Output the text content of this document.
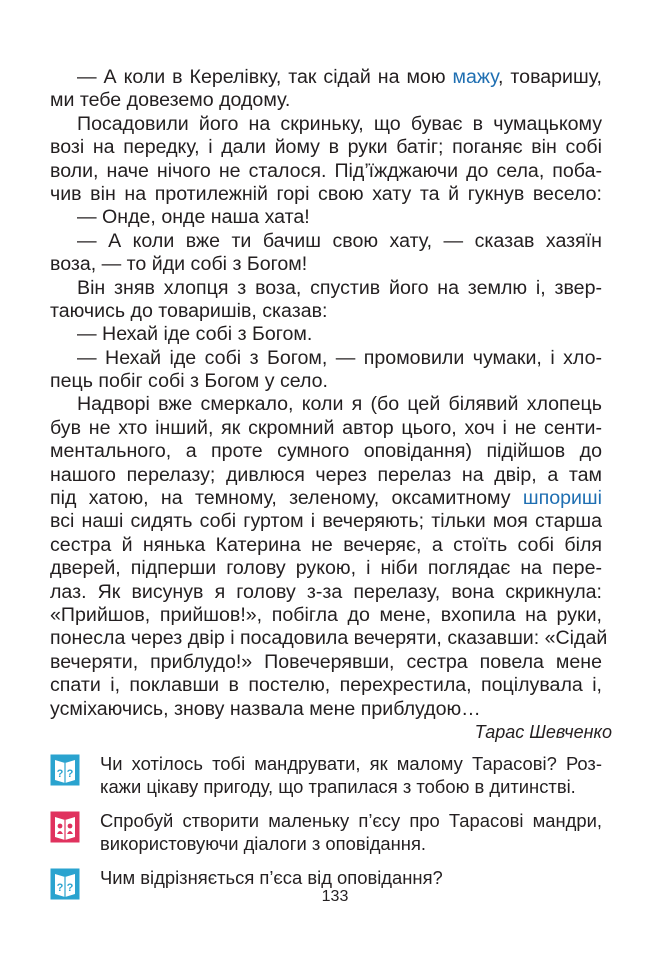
— А коли в Керелівку, так сідай на мою мажу, товаришу,
ми тебе довеземо додому.
Посадовили його на скриньку, що буває в чумацькому
возі на передку, і дали йому в руки батіг; поганяє він собі
воли, наче нічого не сталося. Під’їжджаючи до села, поба-
чив він на протилежній горі свою хату та й гукнув весело:
— Онде, онде наша хата!
— А коли вже ти бачиш свою хату, — сказав хазяїн
воза, — то йди собі з Богом!
Він зняв хлопця з воза, спустив його на землю і, звер-
таючись до товаришів, сказав:
— Нехай іде собі з Богом.
— Нехай іде собі з Богом, — промовили чумаки, і хло-
пець побіг собі з Богом у село.
Надворі вже смеркало, коли я (бо цей білявий хлопець
був не хто інший, як скромний автор цього, хоч і не сенти-
ментального, а проте сумного оповідання) підійшов до
нашого перелазу; дивлюся через перелаз на двір, а там
під хатою, на темному, зеленому, оксамитному шпориші
всі наші сидять собі гуртом і вечеряють; тільки моя старша
сестра й нянька Катерина не вечеряє, а стоїть собі біля
дверей, підперши голову рукою, і ніби поглядає на пере-
лаз. Як висунув я голову з-за перелазу, вона скрикнула:
«Прийшов, прийшов!», побігла до мене, вхопила на руки,
понесла через двір і посадовила вечеряти, сказавши: «Сідай
вечеряти, приблудо!» Повечерявши, сестра повела мене
спати і, поклавши в постелю, перехрестила, поцілувала і,
усміхаючись, знову назвала мене приблудою…
Тарас Шевченко
? ? Чи хотілось тобі мандрувати, як малому Тарасові? Роз-
кажи цікаву пригоду, що трапилася з тобою в дитинстві.
Спробуй створити маленьку п’єсу про Тарасові мандри,
використовуючи діалоги з оповідання.
? ? Чим відрізняється п’єса від оповідання?
133
